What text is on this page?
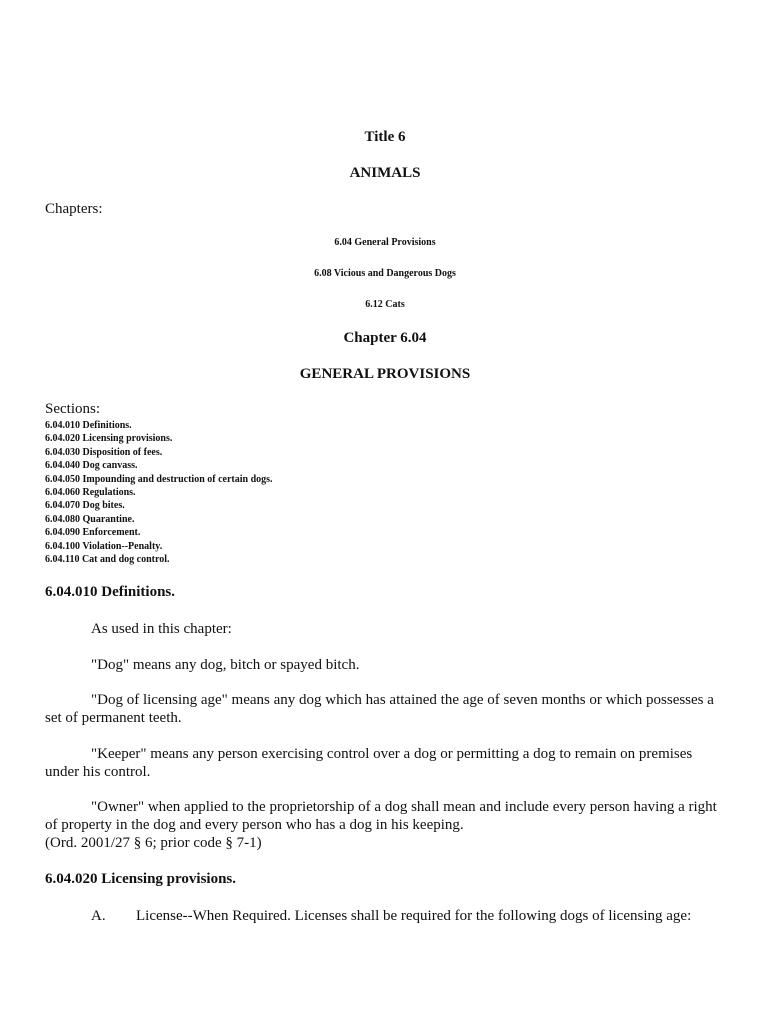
Title 6
ANIMALS
Chapters:
6.04 General Provisions
6.08 Vicious and Dangerous Dogs
6.12 Cats
Chapter 6.04
GENERAL PROVISIONS
Sections:
6.04.010 Definitions.
6.04.020 Licensing provisions.
6.04.030 Disposition of fees.
6.04.040 Dog canvass.
6.04.050 Impounding and destruction of certain dogs.
6.04.060 Regulations.
6.04.070 Dog bites.
6.04.080 Quarantine.
6.04.090 Enforcement.
6.04.100 Violation--Penalty.
6.04.110 Cat and dog control.
6.04.010 Definitions.

As used in this chapter:

"Dog" means any dog, bitch or spayed bitch.

"Dog of licensing age" means any dog which has attained the age of seven months or which possesses a set of permanent teeth.

"Keeper" means any person exercising control over a dog or permitting a dog to remain on premises under his control.

"Owner" when applied to the proprietorship of a dog shall mean and include every person having a right of property in the dog and every person who has a dog in his keeping.

(Ord. 2001/27 § 6; prior code § 7-1)

6.04.020 Licensing provisions.
A. License--When Required. Licenses shall be required for the following dogs of licensing age:
